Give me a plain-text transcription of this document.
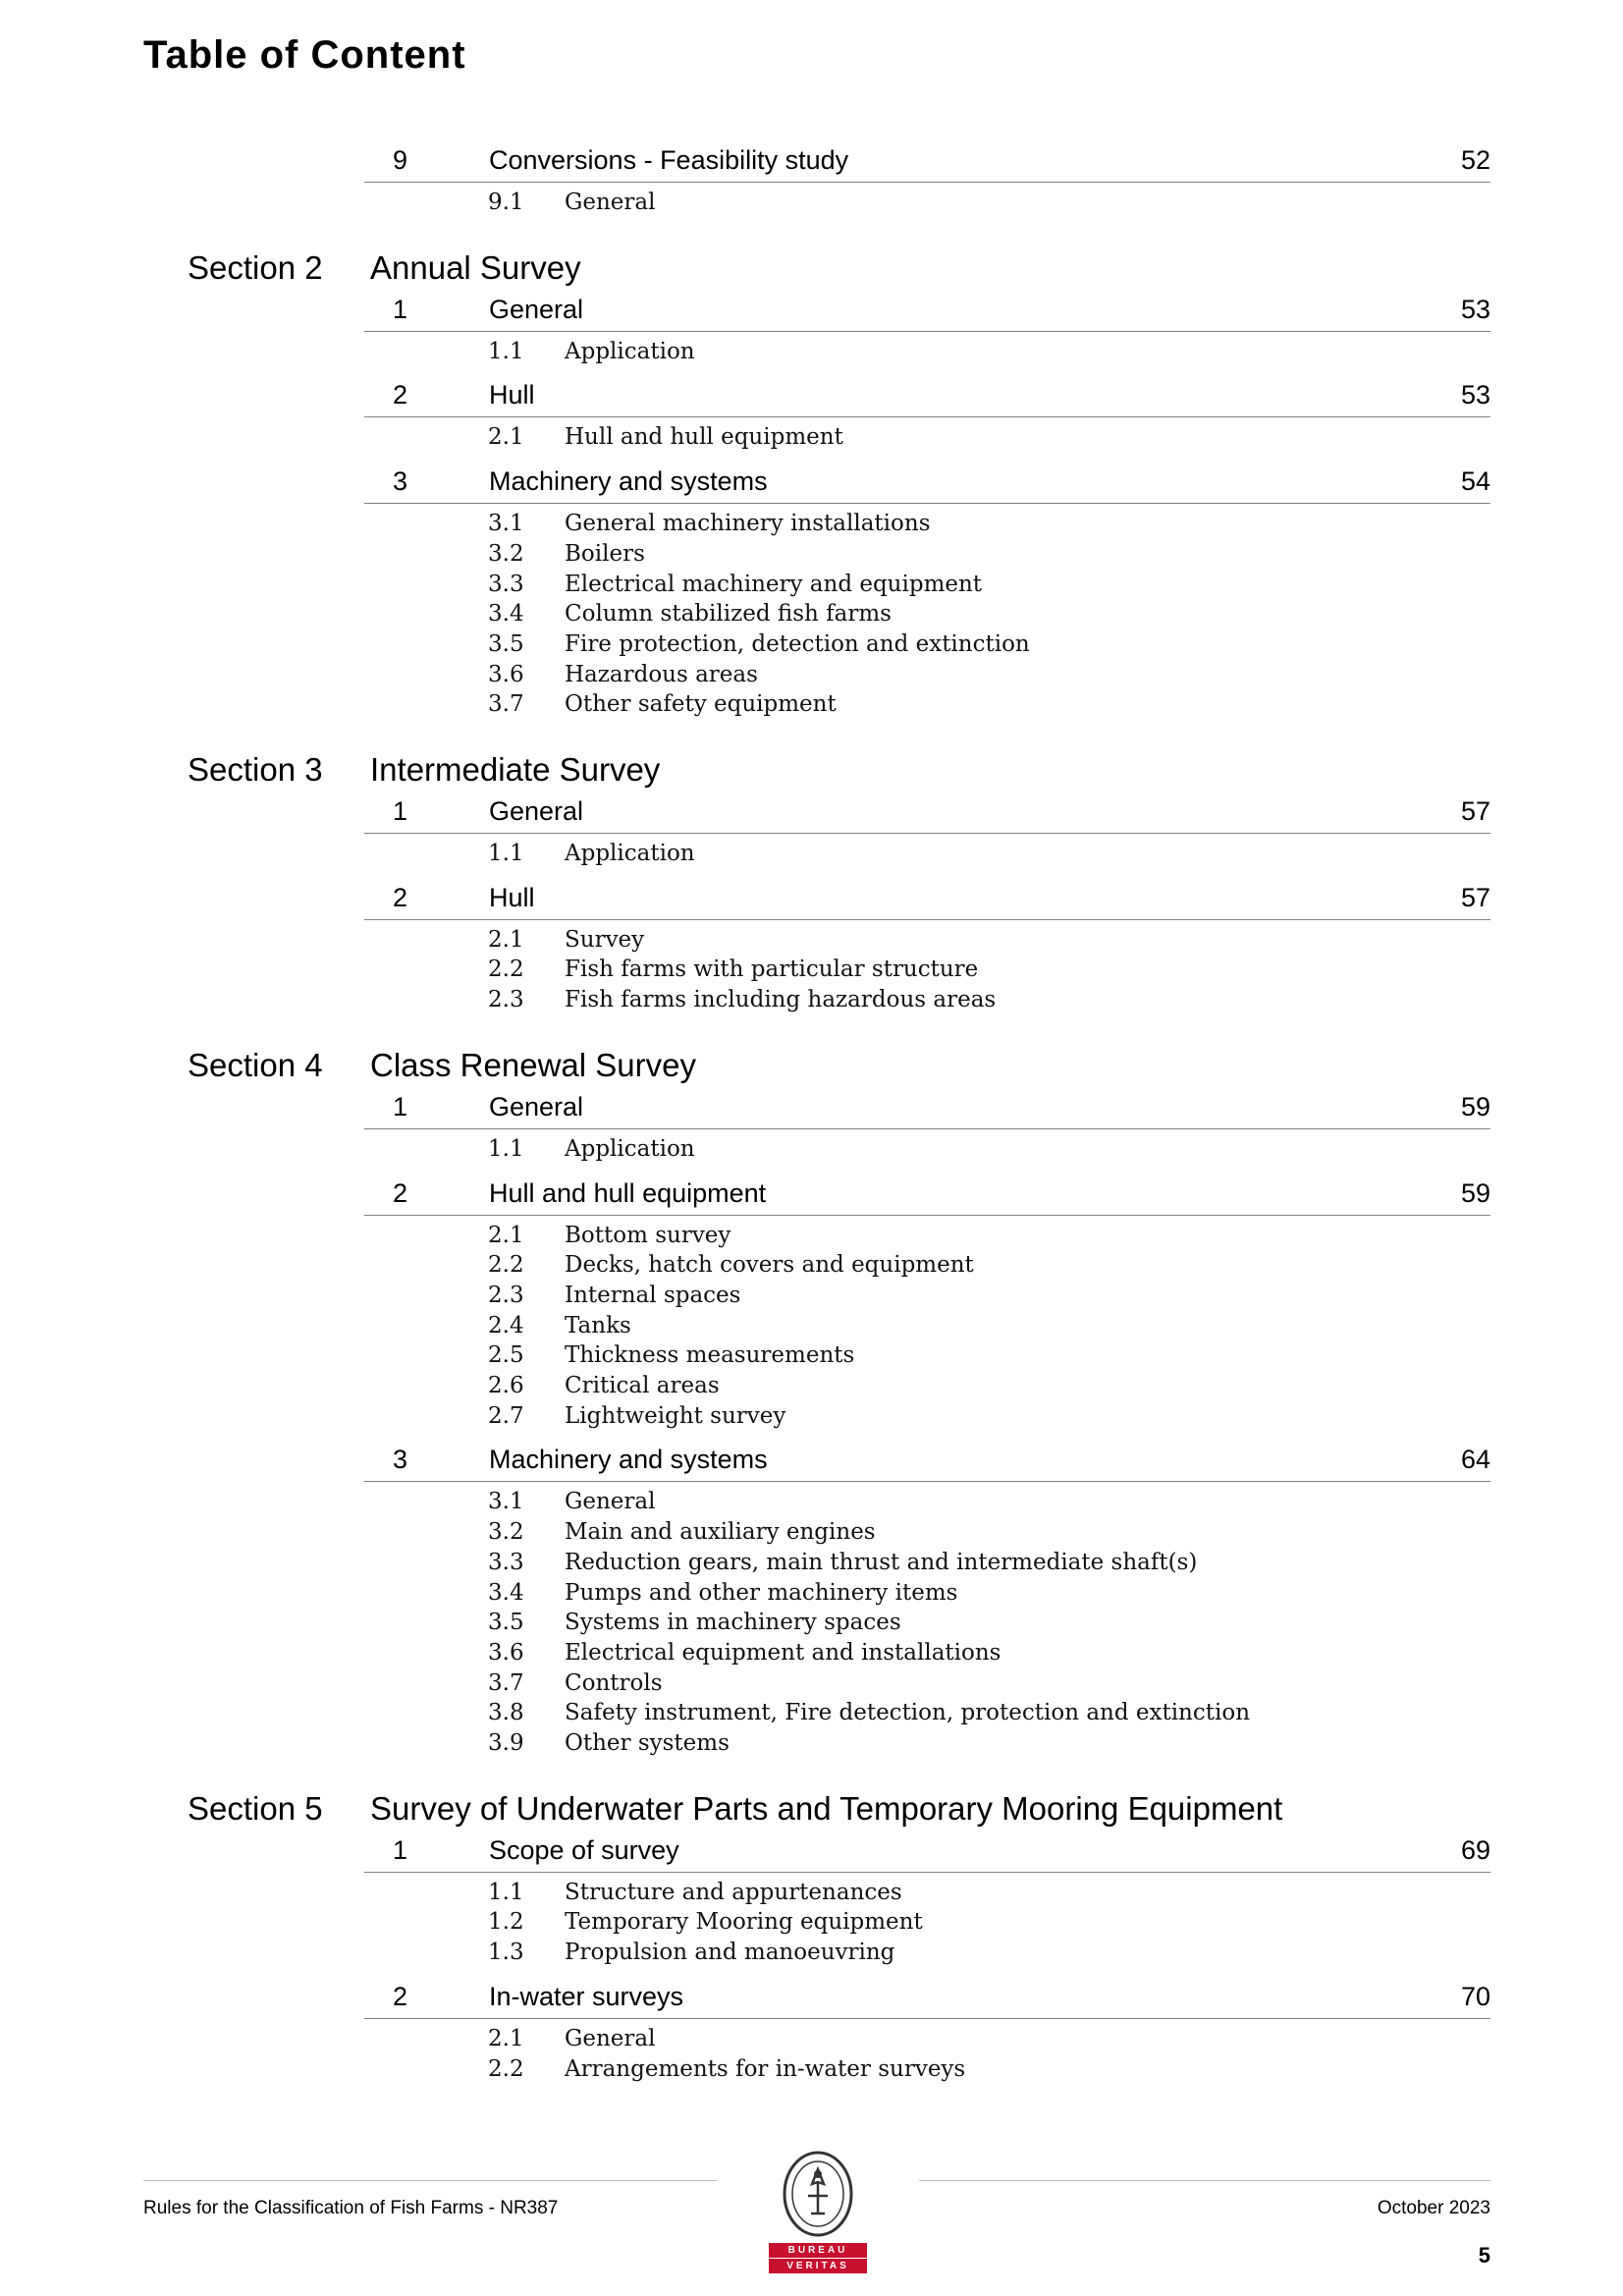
Table of Content
9	Conversions - Feasibility study	52
9.1 General
Section 2 Annual Survey
1	General	53
1.1 Application
2	Hull	53
2.1 Hull and hull equipment
3	Machinery and systems	54
3.1 General machinery installations
3.2 Boilers
3.3 Electrical machinery and equipment
3.4 Column stabilized fish farms
3.5 Fire protection, detection and extinction
3.6 Hazardous areas
3.7 Other safety equipment
Section 3 Intermediate Survey
1	General	57
1.1 Application
2	Hull	57
2.1 Survey
2.2 Fish farms with particular structure
2.3 Fish farms including hazardous areas
Section 4 Class Renewal Survey
1	General	59
1.1 Application
2	Hull and hull equipment	59
2.1 Bottom survey
2.2 Decks, hatch covers and equipment
2.3 Internal spaces
2.4 Tanks
2.5 Thickness measurements
2.6 Critical areas
2.7 Lightweight survey
3	Machinery and systems	64
3.1 General
3.2 Main and auxiliary engines
3.3 Reduction gears, main thrust and intermediate shaft(s)
3.4 Pumps and other machinery items
3.5 Systems in machinery spaces
3.6 Electrical equipment and installations
3.7 Controls
3.8 Safety instrument, Fire detection, protection and extinction
3.9 Other systems
Section 5 Survey of Underwater Parts and Temporary Mooring Equipment
1	Scope of survey	69
1.1 Structure and appurtenances
1.2 Temporary Mooring equipment
1.3 Propulsion and manoeuvring
2	In-water surveys	70
2.1 General
2.2 Arrangements for in-water surveys
Rules for the Classification of Fish Farms - NR387	October 2023
5
BUREAU
VERITAS
